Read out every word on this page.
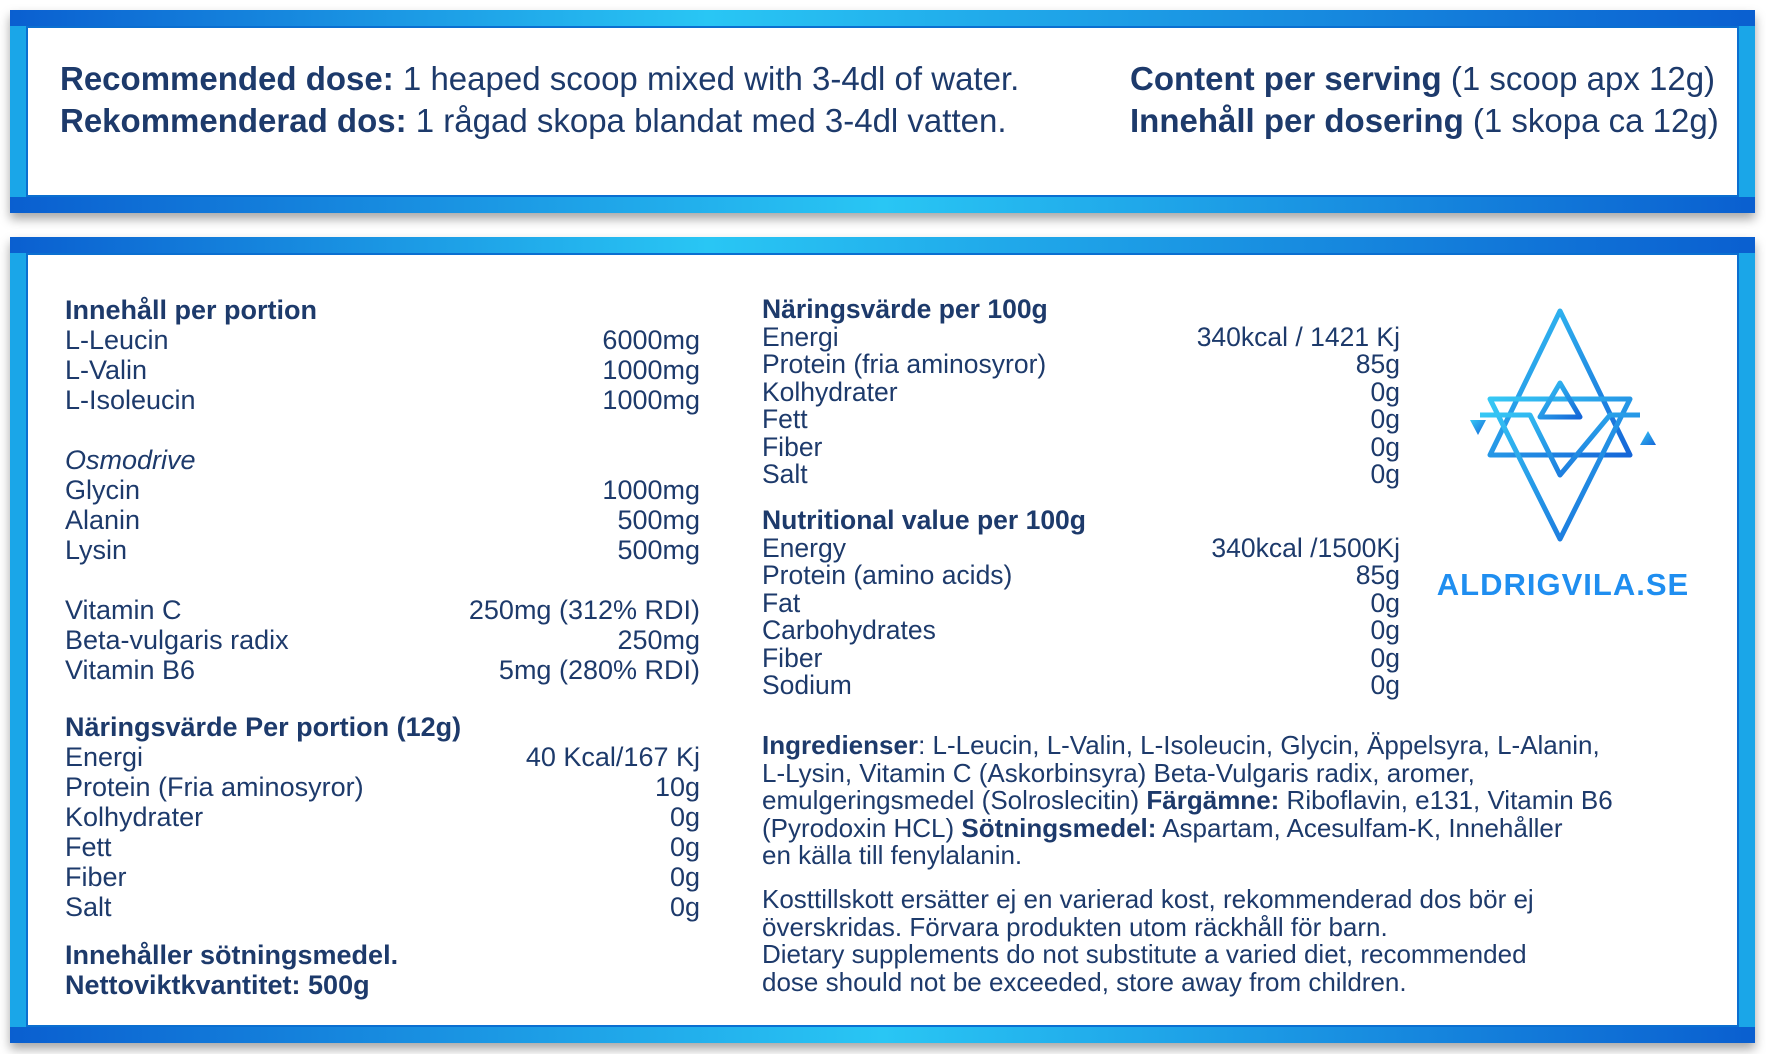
Recommended dose: 1 heaped scoop mixed with 3-4dl of water.
Rekommenderad dos: 1 rågad skopa blandat med 3-4dl vatten.
Content per serving (1 scoop apx 12g)
Innehåll per dosering (1 skopa ca 12g)
Innehåll per portion
L-Leucin	6000mg
L-Valin	1000mg
L-Isoleucin	1000mg
Osmodrive
Glycin	1000mg
Alanin	500mg
Lysin	500mg
Vitamin C	250mg (312% RDI)
Beta-vulgaris radix	250mg
Vitamin B6	5mg (280% RDI)
Näringsvärde Per portion (12g)
Energi	40 Kcal/167 Kj
Protein (Fria aminosyror)	10g
Kolhydrater	0g
Fett	0g
Fiber	0g
Salt	0g
Innehåller sötningsmedel.
Nettoviktkvantitet: 500g
Näringsvärde per 100g
Energi	340kcal / 1421 Kj
Protein (fria aminosyror)	85g
Kolhydrater	0g
Fett	0g
Fiber	0g
Salt	0g
Nutritional value per 100g
Energy	340kcal /1500Kj
Protein (amino acids)	85g
Fat	0g
Carbohydrates	0g
Fiber	0g
Sodium	0g
Ingredienser: L-Leucin, L-Valin, L-Isoleucin, Glycin, Äppelsyra, L-Alanin,
L-Lysin, Vitamin C (Askorbinsyra) Beta-Vulgaris radix, aromer,
emulgeringsmedel (Solroslecitin) Färgämne: Riboflavin, e131, Vitamin B6
(Pyrodoxin HCL) Sötningsmedel: Aspartam, Acesulfam-K, Innehåller
en källa till fenylalanin.
Kosttillskott ersätter ej en varierad kost, rekommenderad dos bör ej
överskridas. Förvara produkten utom räckhåll för barn.
Dietary supplements do not substitute a varied diet, recommended
dose should not be exceeded, store away from children.
ALDRIGVILA.SE
